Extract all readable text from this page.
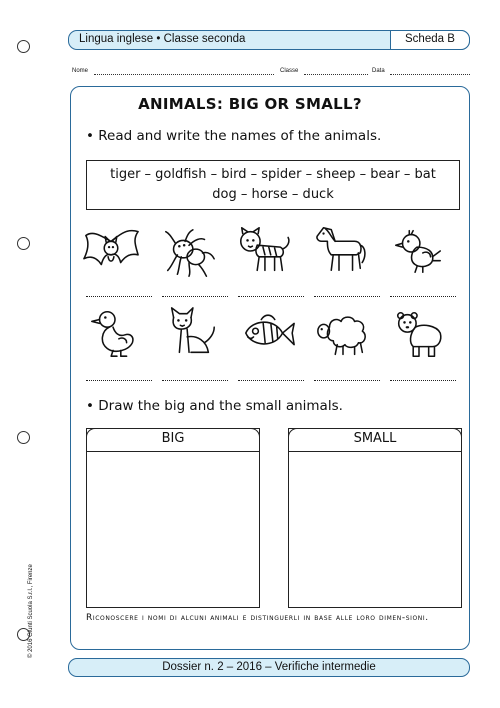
Lingua inglese • Classe seconda	Scheda B
Nome	Classe	Data
ANIMALS: BIG OR SMALL?
• Read and write the names of the animals.
tiger – goldfish – bird – spider – sheep – bear – bat
dog – horse – duck
• Draw the big and the small animals.
BIG	SMALL
Riconoscere i nomi di alcuni animali e distinguerli in base alle loro dimen-sioni.
© 2016 Giunti Scuola S.r.l., Firenze
Dossier n. 2 – 2016 – Verifiche intermedie
